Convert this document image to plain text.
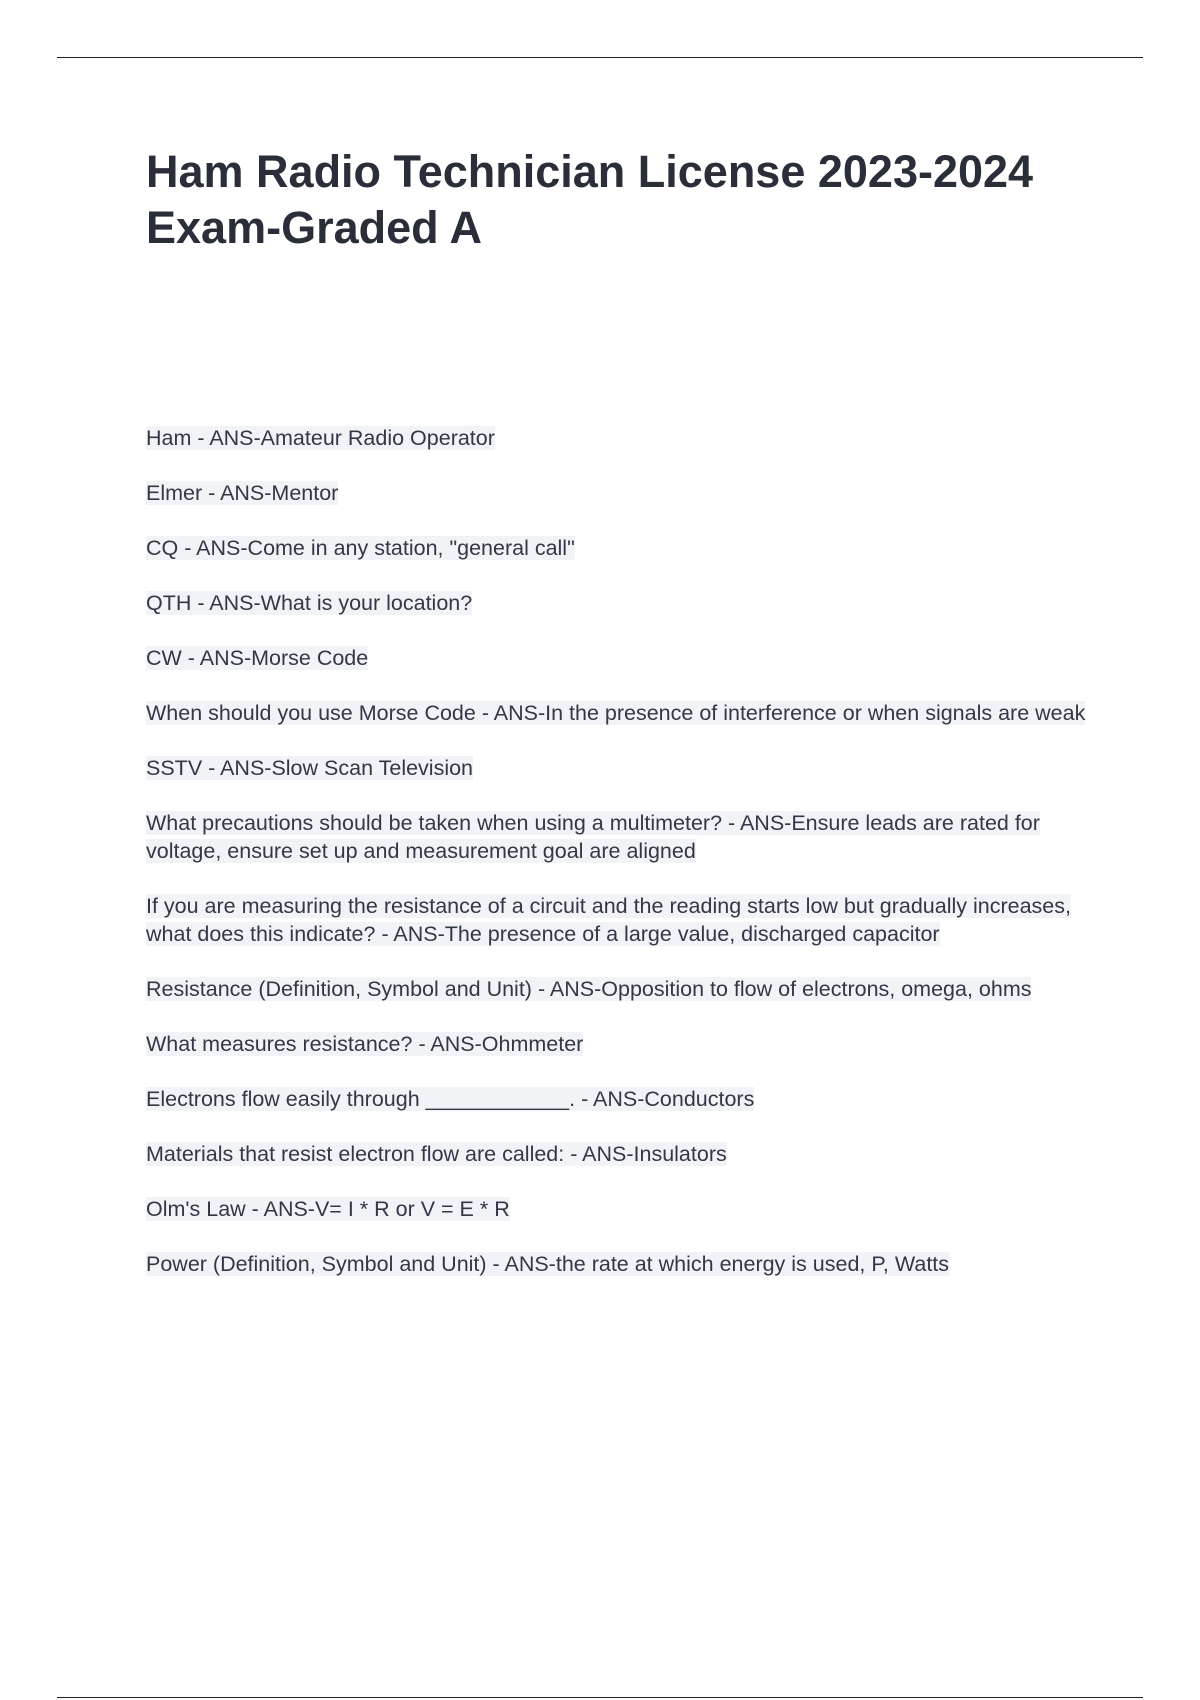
Ham Radio Technician License 2023-2024 Exam-Graded A
Ham - ANS-Amateur Radio Operator
Elmer - ANS-Mentor
CQ - ANS-Come in any station, "general call"
QTH - ANS-What is your location?
CW - ANS-Morse Code
When should you use Morse Code - ANS-In the presence of interference or when signals are weak
SSTV - ANS-Slow Scan Television
What precautions should be taken when using a multimeter? - ANS-Ensure leads are rated for voltage, ensure set up and measurement goal are aligned
If you are measuring the resistance of a circuit and the reading starts low but gradually increases, what does this indicate? - ANS-The presence of a large value, discharged capacitor
Resistance (Definition, Symbol and Unit) - ANS-Opposition to flow of electrons, omega, ohms
What measures resistance? - ANS-Ohmmeter
Electrons flow easily through ____________. - ANS-Conductors
Materials that resist electron flow are called: - ANS-Insulators
Olm's Law - ANS-V= I * R or V = E * R
Power (Definition, Symbol and Unit) - ANS-the rate at which energy is used, P, Watts
